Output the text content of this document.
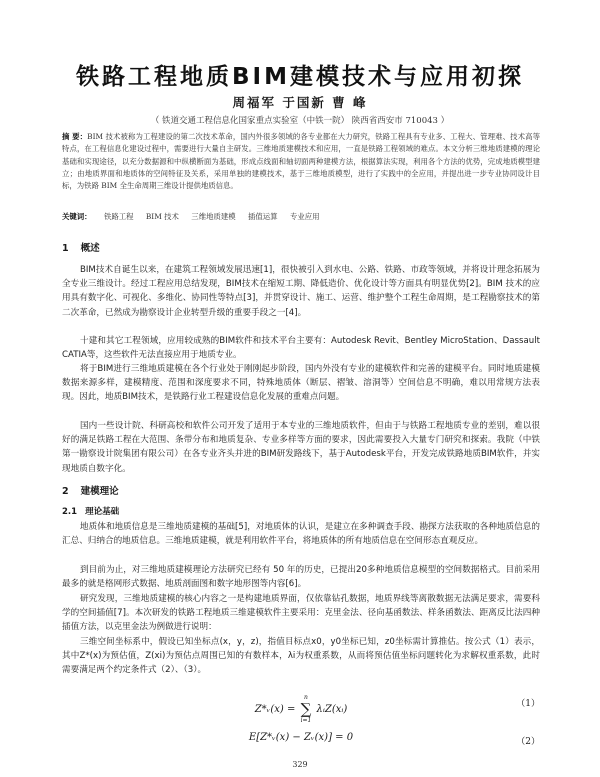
铁路工程地质BIM建模技术与应用初探
周福军 于国新 曹 峰
（ 铁道交通工程信息化国家重点实验室（中铁一院） 陕西省西安市 710043 ）
摘 要：BIM 技术被称为工程建设的第二次技术革命，国内外很多领域的各专业都在大力研究，铁路工程具有专业多、工程大、管理难、技术高等特点，在工程信息化建设过程中，需要进行大量自主研发。三维地质建模技术和应用，一直是铁路工程领域的难点。本文分析三维地质建模的理论基础和实现途径，以充分数据源和中纵横断面为基础，形成点线面和轴切面两种建模方法，根据算法实现，利用各个方法的优势，完成地质模型建立；由地质界面和地质体的空间特征及关系，采用单独的建模技术，基于三维地质模型，进行了实践中的全应用，并提出进一步专业协同设计目标，为铁路 BIM 全生命周期三维设计提供地质信息。
关键词： 铁路工程 BIM 技术 三维地质建模 插值运算 专业应用
1 概述
BIM技术自诞生以来，在建筑工程领域发展迅速[1]，很快被引入到水电、公路、铁路、市政等领域，并将设计理念拓展为全专业三维设计。经过工程应用总结发现，BIM技术在缩短工期、降低造价、优化设计等方面具有明显优势[2]。BIM 技术的应用具有数字化、可视化、多维化、协同性等特点[3]，并贯穿设计、施工、运营、维护整个工程生命周期，是工程勘察技术的第二次革命，已然成为勘察设计企业转型升级的重要手段之一[4]。
十建和其它工程领域，应用较成熟的BIM软件和技术平台主要有：Autodesk Revit、Bentley MicroStation、Dassault CATIA等，这些软件无法直接应用于地质专业。
将于BIM进行三维地质建模在各个行业处于刚刚起步阶段，国内外没有专业的建模软件和完善的建模平台。同时地质建模数据来源多样，建模精度、范围和深度要求不同，特殊地质体（断层、褶皱、溶洞等）空间信息不明确，难以用常规方法表现。因此，地质BIM技术，是铁路行业工程建设信息化发展的重难点问题。
国内一些设计院、科研高校和软件公司开发了适用于本专业的三维地质软件，但由于与铁路工程地质专业的差别，难以很好的满足铁路工程在大范围、条带分布和地质复杂、专业多样等方面的要求，因此需要投入大量专门研究和探索。我院（中铁第一勘察设计院集团有限公司）在各专业齐头并进的BIM研发路线下，基于Autodesk平台，开发完成铁路地质BIM软件，并实现地质自数字化。
2 建模理论
2.1 理论基础
地质体和地质信息是三维地质建模的基础[5]，对地质体的认识，是建立在多种调查手段、勘探方法获取的各种地质信息的汇总、归纳合的地质信息。三维地质建模，就是利用软件平台，将地质体的所有地质信息在空间形态直观反应。
到目前为止，对三维地质建模理论方法研究已经有 50 年的历史，已提出20多种地质信息模型的空间数据格式。目前采用最多的就是格网形式数据、地质剖面图和数字地形图等内容[6]。
研究发现，三维地质建模的核心内容之一是构建地质界面，仅依靠钻孔数据，地质界线等离散数据无法满足要求，需要科学的空间插值[7]。本次研发的铁路工程地质三维建模软件主要采用：克里金法、径向基函数法、样条函数法、距离反比法四种插值方法，以克里金法为例做进行说明：
三维空间坐标系中，假设已知坐标点(x，y，z)，指值目标点x0，y0坐标已知，z0坐标需计算推估。按公式（1）表示，其中Z*(x)为预估值，Z(xi)为预估点周围已知的有数样本，λi为权重系数，从而将预估值坐标问题转化为求解权重系数，此时需要满足两个约定条件式（2）、（3）。
Z*ᵥ(x) =
n
∑
i=1
λᵢZ(xᵢ)	（1）
E[Z*ᵥ(x) − Zᵥ(x)] = 0	（2）
329
